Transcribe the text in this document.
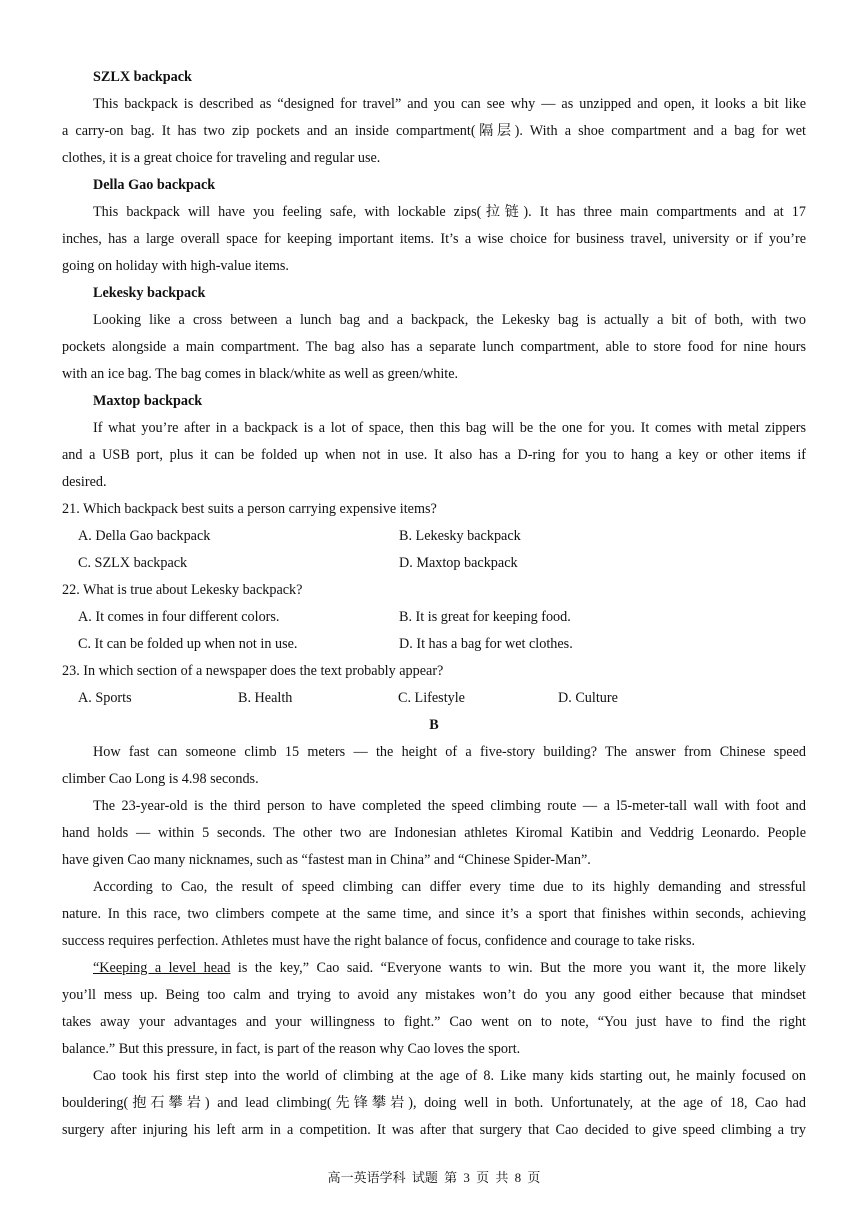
SZLX backpack
This backpack is described as “designed for travel” and you can see why — as unzipped and open, it looks a bit like
a carry-on bag. It has two zip pockets and an inside compartment(隔层). With a shoe compartment and a bag for wet
clothes, it is a great choice for traveling and regular use.
Della Gao backpack
This backpack will have you feeling safe, with lockable zips(拉链). It has three main compartments and at 17
inches, has a large overall space for keeping important items. It’s a wise choice for business travel, university or if you’re
going on holiday with high-value items.
Lekesky backpack
Looking like a cross between a lunch bag and a backpack, the Lekesky bag is actually a bit of both, with two
pockets alongside a main compartment. The bag also has a separate lunch compartment, able to store food for nine hours
with an ice bag. The bag comes in black/white as well as green/white.
Maxtop backpack
If what you’re after in a backpack is a lot of space, then this bag will be the one for you. It comes with metal zippers
and a USB port, plus it can be folded up when not in use. It also has a D-ring for you to hang a key or other items if
desired.
21. Which backpack best suits a person carrying expensive items?
A. Della Gao backpack	B. Lekesky backpack
C. SZLX backpack	D. Maxtop backpack
22. What is true about Lekesky backpack?
A. It comes in four different colors.	B. It is great for keeping food.
C. It can be folded up when not in use.	D. It has a bag for wet clothes.
23. In which section of a newspaper does the text probably appear?
A. Sports	B. Health	C. Lifestyle	D. Culture
B
How fast can someone climb 15 meters — the height of a five-story building? The answer from Chinese speed
climber Cao Long is 4.98 seconds.
The 23-year-old is the third person to have completed the speed climbing route — a l5-meter-tall wall with foot and
hand holds — within 5 seconds. The other two are Indonesian athletes Kiromal Katibin and Veddrig Leonardo. People
have given Cao many nicknames, such as “fastest man in China” and “Chinese Spider-Man”.
According to Cao, the result of speed climbing can differ every time due to its highly demanding and stressful
nature. In this race, two climbers compete at the same time, and since it’s a sport that finishes within seconds, achieving
success requires perfection. Athletes must have the right balance of focus, confidence and courage to take risks.
“Keeping a level head is the key,” Cao said. “Everyone wants to win. But the more you want it, the more likely
you’ll mess up. Being too calm and trying to avoid any mistakes won’t do you any good either because that mindset
takes away your advantages and your willingness to fight.” Cao went on to note, “You just have to find the right
balance.” But this pressure, in fact, is part of the reason why Cao loves the sport.
Cao took his first step into the world of climbing at the age of 8. Like many kids starting out, he mainly focused on
bouldering(抱石攀岩) and lead climbing(先锋攀岩), doing well in both. Unfortunately, at the age of 18, Cao had
surgery after injuring his left arm in a competition. It was after that surgery that Cao decided to give speed climbing a try
高一英语学科 试题 第 3 页 共 8 页
